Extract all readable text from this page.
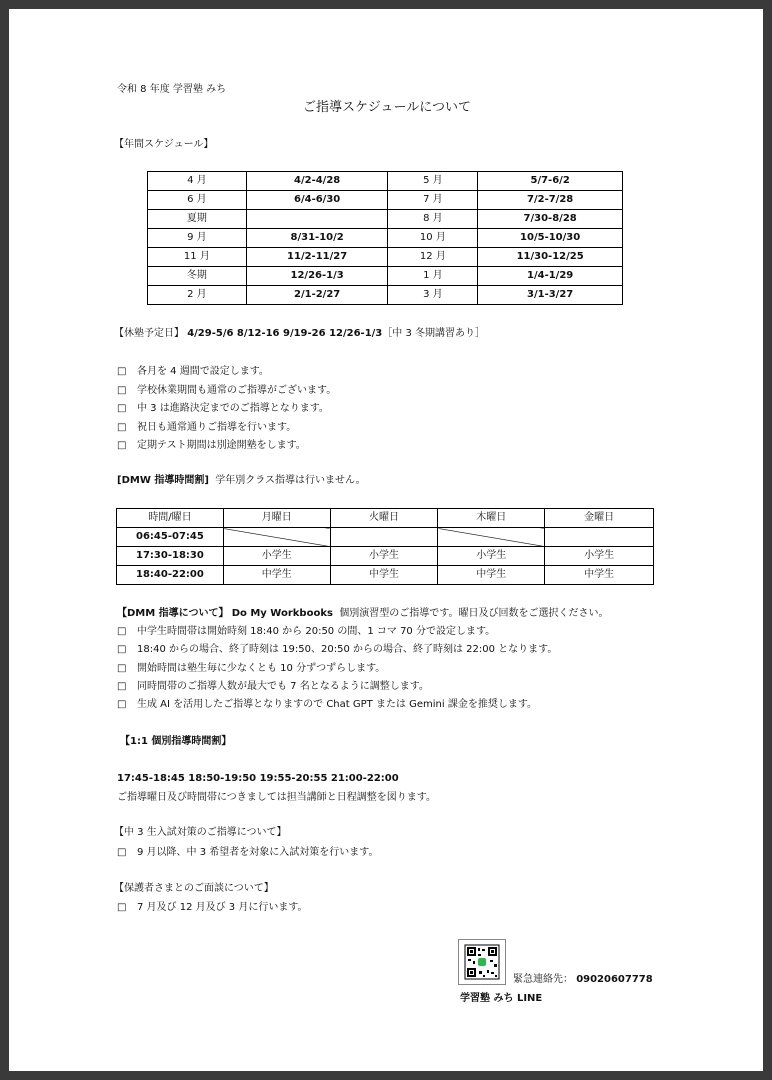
令和 8 年度 学習塾 みち
ご指導スケジュールについて
【年間スケジュール】
4 月	4/2-4/28	5 月	5/7-6/2
6 月	6/4-6/30	7 月	7/2-7/28
夏期		8 月	7/30-8/28
9 月	8/31-10/2	10 月	10/5-10/30
11 月	11/2-11/27	12 月	11/30-12/25
冬期	12/26-1/3	1 月	1/4-1/29
2 月	2/1-2/27	3 月	3/1-3/27
【休塾予定日】 4/29-5/6 8/12-16 9/19-26 12/26-1/3［中 3 冬期講習あり］
□ 各月を 4 週間で設定します。
□ 学校休業期間も通常のご指導がございます。
□ 中 3 は進路決定までのご指導となります。
□ 祝日も通常通りご指導を行います。
□ 定期テスト期間は別途開塾をします。
[DMW 指導時間割] 学年別クラス指導は行いません。
時間/曜日	月曜日	火曜日	木曜日	金曜日
06:45-07:45				
17:30-18:30	小学生	小学生	小学生	小学生
18:40-22:00	中学生	中学生	中学生	中学生
【DMM 指導について】 Do My Workbooks 個別演習型のご指導です。曜日及び回数をご選択ください。
□ 中学生時間帯は開始時刻 18:40 から 20:50 の間、1 コマ 70 分で設定します。
□ 18:40 からの場合、終了時刻は 19:50、20:50 からの場合、終了時刻は 22:00 となります。
□ 開始時間は塾生毎に少なくとも 10 分ずつずらします。
□ 同時間帯のご指導人数が最大でも 7 名となるように調整します。
□ 生成 AI を活用したご指導となりますので Chat GPT または Gemini 課金を推奨します。
【1:1 個別指導時間割】
17:45-18:45 18:50-19:50 19:55-20:55 21:00-22:00
ご指導曜日及び時間帯につきましては担当講師と日程調整を図ります。
【中 3 生入試対策のご指導について】
□ 9 月以降、中 3 希望者を対象に入試対策を行います。
【保護者さまとのご面談について】
□ 7 月及び 12 月及び 3 月に行います。
緊急連絡先： 09020607778
学習塾 みち LINE
